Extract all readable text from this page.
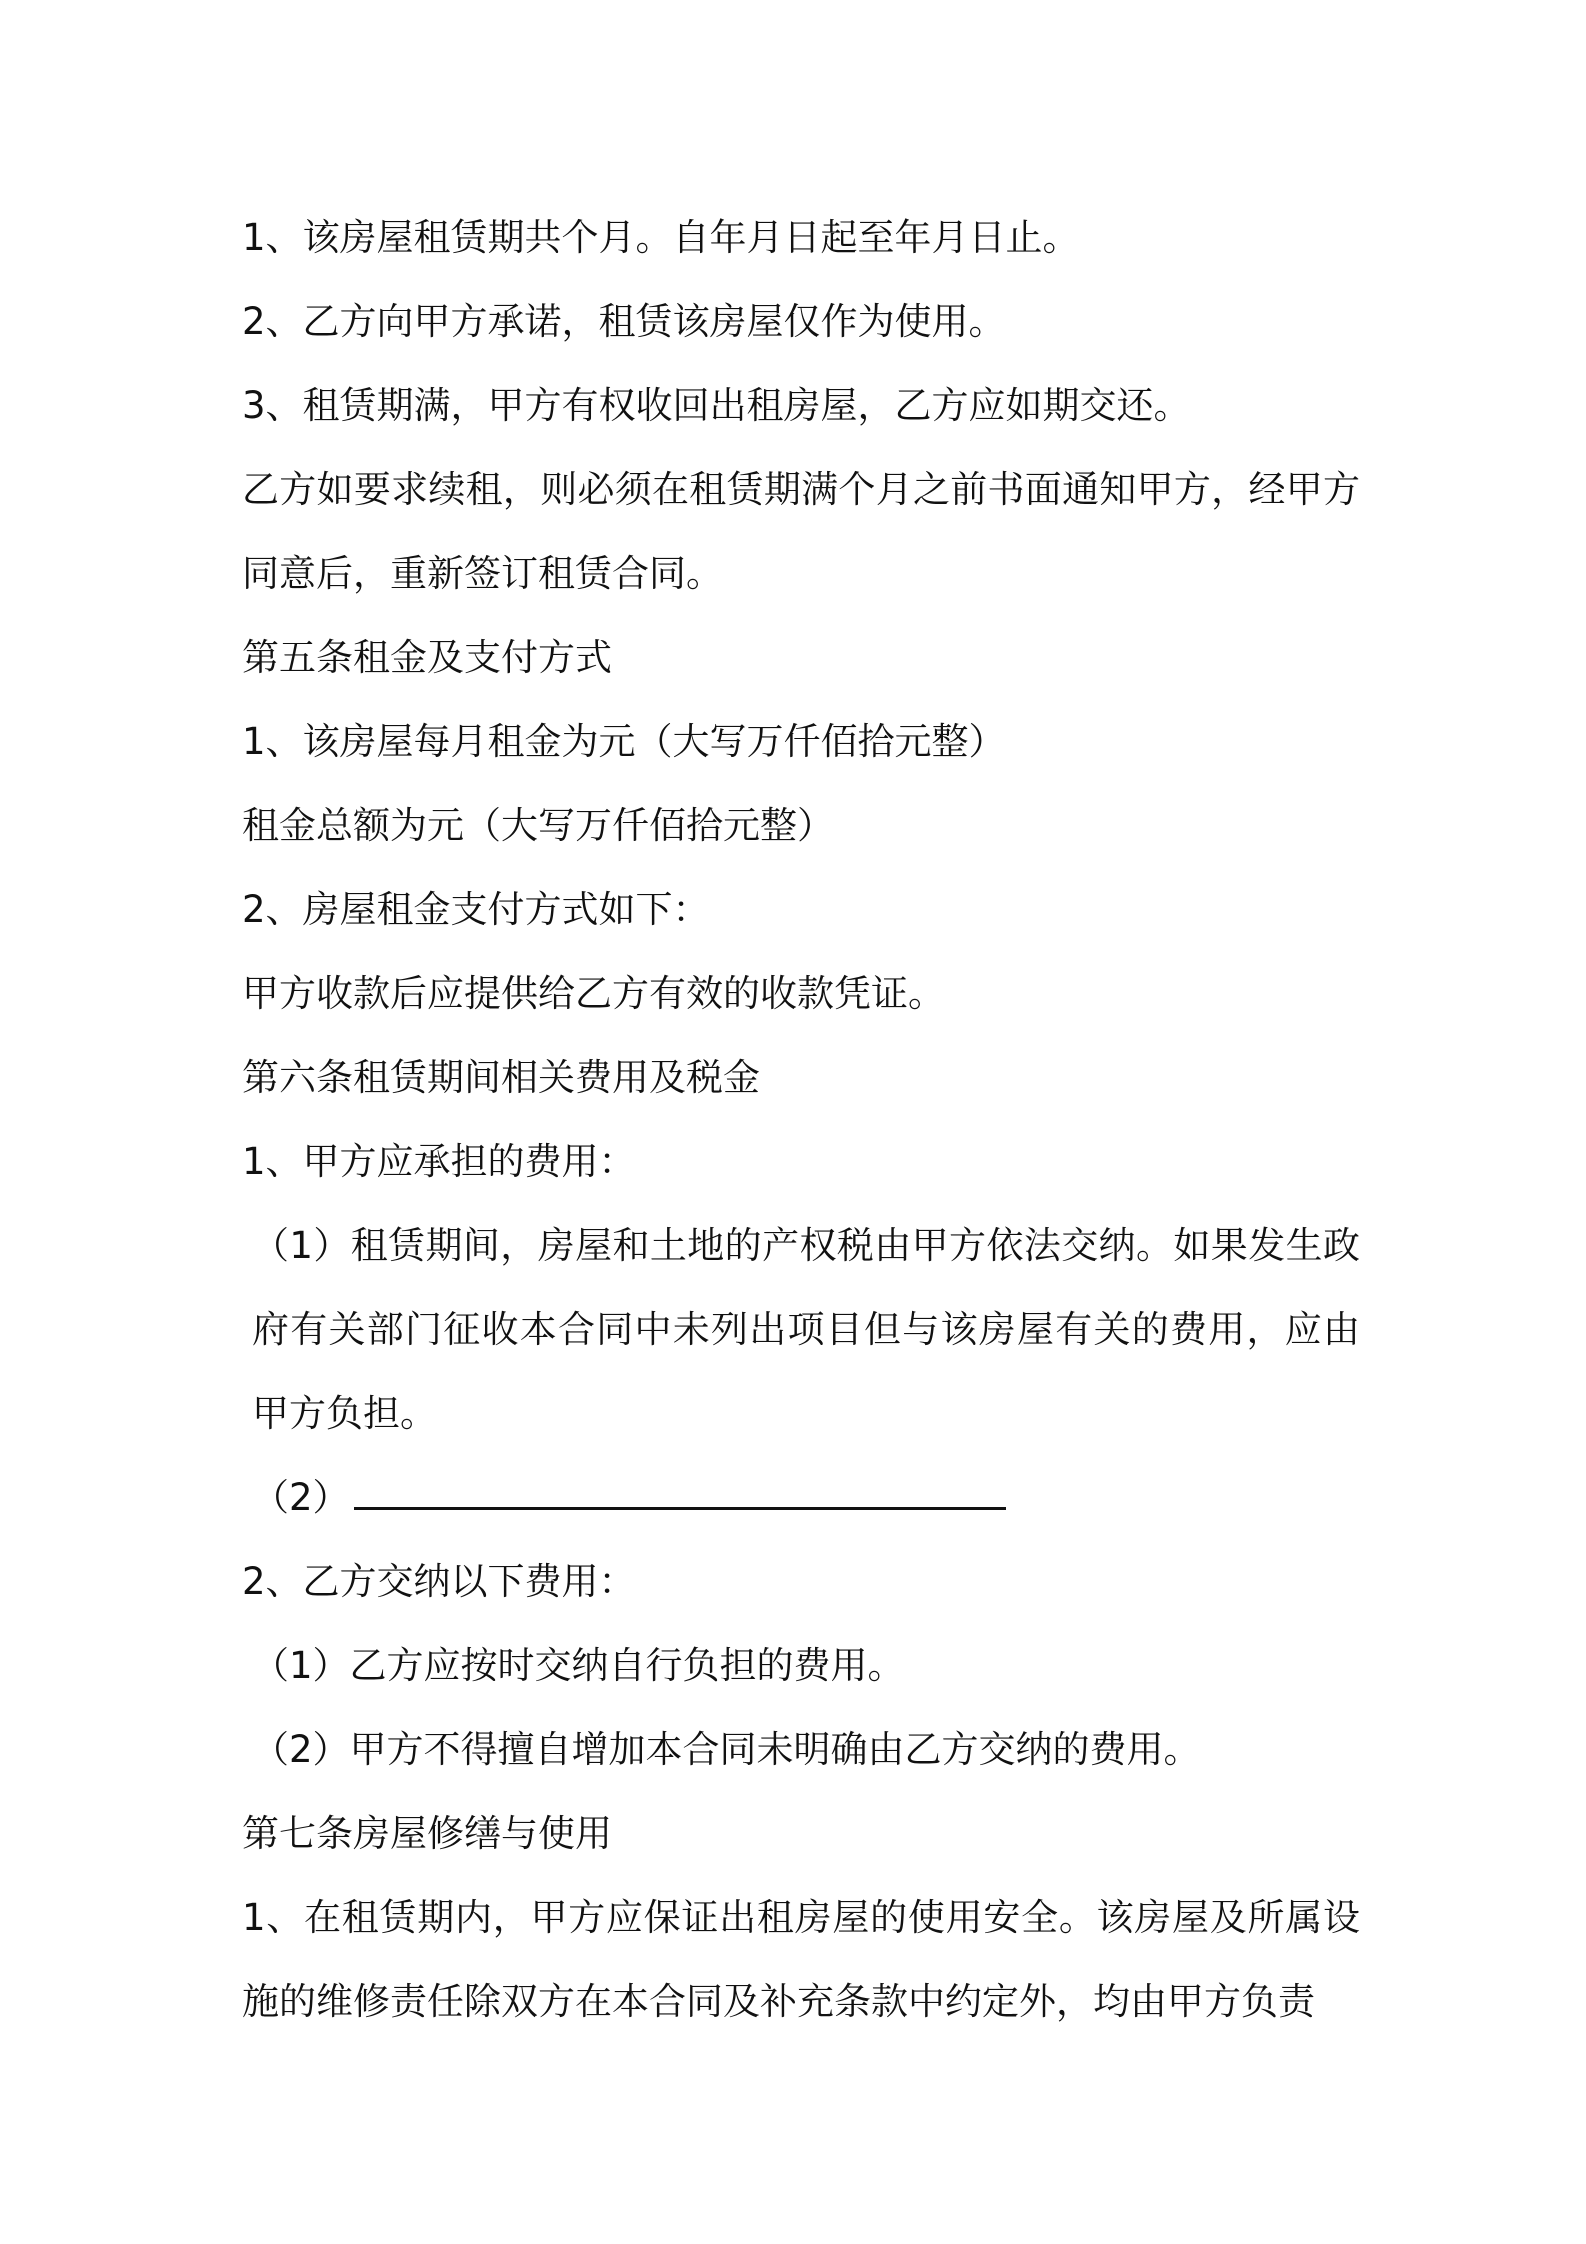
1、该房屋租赁期共个月。自年月日起至年月日止。

2、乙方向甲方承诺，租赁该房屋仅作为使用。

3、租赁期满，甲方有权收回出租房屋，乙方应如期交还。

乙方如要求续租，则必须在租赁期满个月之前书面通知甲方，经甲方同意后，重新签订租赁合同。

第五条租金及支付方式

1、该房屋每月租金为元（大写万仟佰拾元整）

租金总额为元（大写万仟佰拾元整）

2、房屋租金支付方式如下：

甲方收款后应提供给乙方有效的收款凭证。

第六条租赁期间相关费用及税金

1、甲方应承担的费用：

（1）租赁期间，房屋和土地的产权税由甲方依法交纳。如果发生政府有关部门征收本合同中未列出项目但与该房屋有关的费用，应由甲方负担。

（2）

2、乙方交纳以下费用：

（1）乙方应按时交纳自行负担的费用。

（2）甲方不得擅自增加本合同未明确由乙方交纳的费用。

第七条房屋修缮与使用

1、在租赁期内，甲方应保证出租房屋的使用安全。该房屋及所属设施的维修责任除双方在本合同及补充条款中约定外，均由甲方负责
